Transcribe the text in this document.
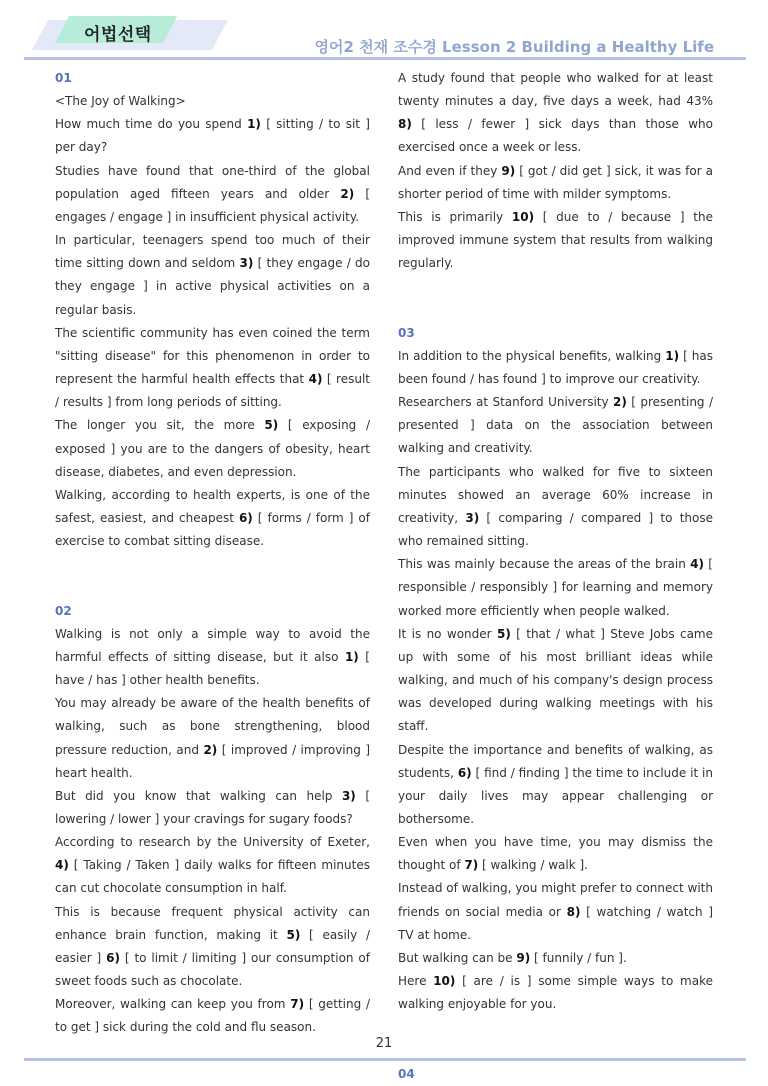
어법선택
영어2 천재 조수경 Lesson 2 Building a Healthy Life
01

<The Joy of Walking>

How much time do you spend 1) [ sitting / to sit ] per day?

Studies have found that one-third of the global population aged fifteen years and older 2) [ engages / engage ] in insufficient physical activity.

In particular, teenagers spend too much of their time sitting down and seldom 3) [ they engage / do they engage ] in active physical activities on a regular basis.

The scientific community has even coined the term "sitting disease" for this phenomenon in order to represent the harmful health effects that 4) [ result / results ] from long periods of sitting.

The longer you sit, the more 5) [ exposing / exposed ] you are to the dangers of obesity, heart disease, diabetes, and even depression.

Walking, according to health experts, is one of the safest, easiest, and cheapest 6) [ forms / form ] of exercise to combat sitting disease.

02

Walking is not only a simple way to avoid the harmful effects of sitting disease, but it also 1) [ have / has ] other health benefits.

You may already be aware of the health benefits of walking, such as bone strengthening, blood pressure reduction, and 2) [ improved / improving ] heart health.

But did you know that walking can help 3) [ lowering / lower ] your cravings for sugary foods?

According to research by the University of Exeter, 4) [ Taking / Taken ] daily walks for fifteen minutes can cut chocolate consumption in half.

This is because frequent physical activity can enhance brain function, making it 5) [ easily / easier ] 6) [ to limit / limiting ] our consumption of sweet foods such as chocolate.

Moreover, walking can keep you from 7) [ getting / to get ] sick during the cold and flu season.

A study found that people who walked for at least twenty minutes a day, five days a week, had 43% 8) [ less / fewer ] sick days than those who exercised once a week or less.

And even if they 9) [ got / did get ] sick, it was for a shorter period of time with milder symptoms.

This is primarily 10) [ due to / because ] the improved immune system that results from walking regularly.

03

In addition to the physical benefits, walking 1) [ has been found / has found ] to improve our creativity.

Researchers at Stanford University 2) [ presenting / presented ] data on the association between walking and creativity.

The participants who walked for five to sixteen minutes showed an average 60% increase in creativity, 3) [ comparing / compared ] to those who remained sitting.

This was mainly because the areas of the brain 4) [ responsible / responsibly ] for learning and memory worked more efficiently when people walked.

It is no wonder 5) [ that / what ] Steve Jobs came up with some of his most brilliant ideas while walking, and much of his company's design process was developed during walking meetings with his staff.

Despite the importance and benefits of walking, as students, 6) [ find / finding ] the time to include it in your daily lives may appear challenging or bothersome.

Even when you have time, you may dismiss the thought of 7) [ walking / walk ].

Instead of walking, you might prefer to connect with friends on social media or 8) [ watching / watch ] TV at home.

But walking can be 9) [ funnily / fun ].

Here 10) [ are / is ] some simple ways to make walking enjoyable for you.

04
21
